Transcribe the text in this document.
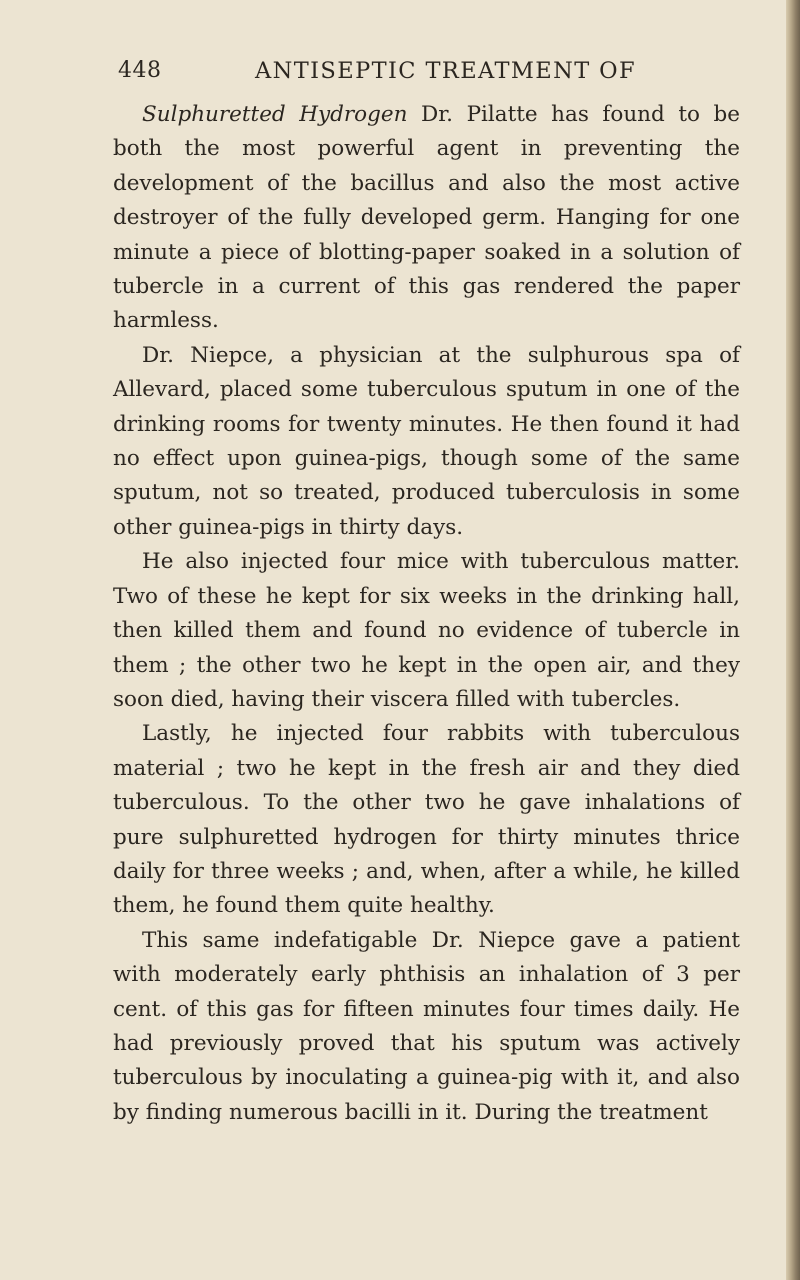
448	ANTISEPTIC TREATMENT OF

Sulphuretted Hydrogen Dr. Pilatte has found to be both the most powerful agent in preventing the development of the bacillus and also the most active destroyer of the fully developed germ. Hanging for one minute a piece of blotting-paper soaked in a solution of tubercle in a current of this gas rendered the paper harmless.

Dr. Niepce, a physician at the sulphurous spa of Allevard, placed some tuberculous sputum in one of the drinking rooms for twenty minutes. He then found it had no effect upon guinea-pigs, though some of the same sputum, not so treated, produced tuberculosis in some other guinea-pigs in thirty days.

He also injected four mice with tuberculous matter. Two of these he kept for six weeks in the drinking hall, then killed them and found no evidence of tubercle in them ; the other two he kept in the open air, and they soon died, having their viscera filled with tubercles.

Lastly, he injected four rabbits with tuberculous material ; two he kept in the fresh air and they died tuberculous. To the other two he gave inhalations of pure sulphuretted hydrogen for thirty minutes thrice daily for three weeks ; and, when, after a while, he killed them, he found them quite healthy.

This same indefatigable Dr. Niepce gave a patient with moderately early phthisis an inhalation of 3 per cent. of this gas for fifteen minutes four times daily. He had previously proved that his sputum was actively tuberculous by inoculating a guinea-pig with it, and also by finding numerous bacilli in it. During the treatment
